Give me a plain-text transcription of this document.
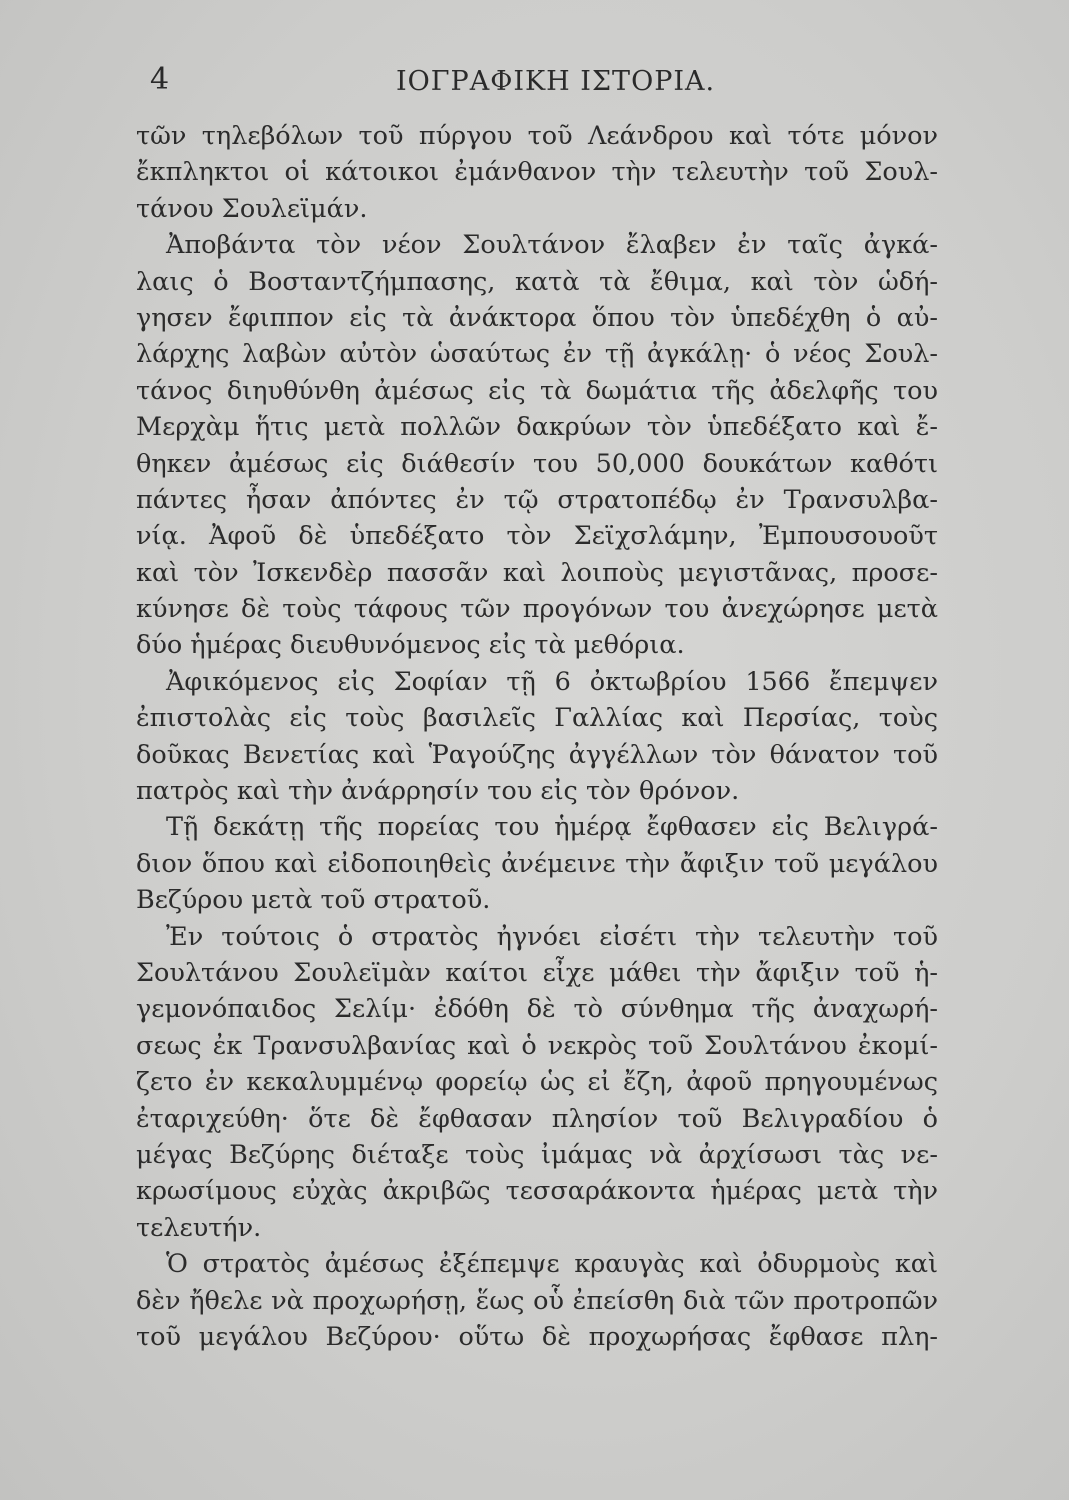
4	ΙΟΓΡΑΦΙΚΗ ΙΣΤΟΡΙΑ.
τῶν τηλεβόλων τοῦ πύργου τοῦ Λεάνδρου καὶ τότε μόνον
ἔκπληκτοι οἱ κάτοικοι ἐμάνθανον τὴν τελευτὴν τοῦ Σουλ-
τάνου Σουλεϊμάν.
Ἀποβάντα τὸν νέον Σουλτάνον ἔλαβεν ἐν ταῖς ἀγκά-
λαις ὁ Βοσταντζήμπασης, κατὰ τὰ ἔθιμα, καὶ τὸν ὡδή-
γησεν ἔφιππον εἰς τὰ ἀνάκτορα ὅπου τὸν ὑπεδέχθη ὁ αὐ-
λάρχης λαβὼν αὐτὸν ὡσαύτως ἐν τῇ ἀγκάλῃ· ὁ νέος Σουλ-
τάνος διηυθύνθη ἀμέσως εἰς τὰ δωμάτια τῆς ἀδελφῆς του
Μερχὰμ ἥτις μετὰ πολλῶν δακρύων τὸν ὑπεδέξατο καὶ ἔ-
θηκεν ἀμέσως εἰς διάθεσίν του 50,000 δουκάτων καθότι
πάντες ἦσαν ἀπόντες ἐν τῷ στρατοπέδῳ ἐν Τρανσυλβα-
νίᾳ. Ἀφοῦ δὲ ὑπεδέξατο τὸν Σεϊχσλάμην, Ἐμπουσουοῦτ
καὶ τὸν Ἰσκενδὲρ πασσᾶν καὶ λοιποὺς μεγιστᾶνας, προσε-
κύνησε δὲ τοὺς τάφους τῶν προγόνων του ἀνεχώρησε μετὰ
δύο ἡμέρας διευθυνόμενος εἰς τὰ μεθόρια.
Ἀφικόμενος εἰς Σοφίαν τῇ 6 ὀκτωβρίου 1566 ἔπεμψεν
ἐπιστολὰς εἰς τοὺς βασιλεῖς Γαλλίας καὶ Περσίας, τοὺς
δοῦκας Βενετίας καὶ Ῥαγούζης ἀγγέλλων τὸν θάνατον τοῦ
πατρὸς καὶ τὴν ἀνάρρησίν του εἰς τὸν θρόνον.
Τῇ δεκάτῃ τῆς πορείας του ἡμέρᾳ ἔφθασεν εἰς Βελιγρά-
διον ὅπου καὶ εἰδοποιηθεὶς ἀνέμεινε τὴν ἄφιξιν τοῦ μεγάλου
Βεζύρου μετὰ τοῦ στρατοῦ.
Ἐν τούτοις ὁ στρατὸς ἠγνόει εἰσέτι τὴν τελευτὴν τοῦ
Σουλτάνου Σουλεϊμὰν καίτοι εἶχε μάθει τὴν ἄφιξιν τοῦ ἡ-
γεμονόπαιδος Σελίμ· ἐδόθη δὲ τὸ σύνθημα τῆς ἀναχωρή-
σεως ἐκ Τρανσυλβανίας καὶ ὁ νεκρὸς τοῦ Σουλτάνου ἐκομί-
ζετο ἐν κεκαλυμμένῳ φορείῳ ὡς εἰ ἔζη, ἀφοῦ πρηγουμένως
ἐταριχεύθη· ὅτε δὲ ἔφθασαν πλησίον τοῦ Βελιγραδίου ὁ
μέγας Βεζύρης διέταξε τοὺς ἰμάμας νὰ ἀρχίσωσι τὰς νε-
κρωσίμους εὐχὰς ἀκριβῶς τεσσαράκοντα ἡμέρας μετὰ τὴν
τελευτήν.
Ὁ στρατὸς ἀμέσως ἐξέπεμψε κραυγὰς καὶ ὀδυρμοὺς καὶ
δὲν ἤθελε νὰ προχωρήσῃ, ἕως οὗ ἐπείσθη διὰ τῶν προτροπῶν
τοῦ μεγάλου Βεζύρου· οὕτω δὲ προχωρήσας ἔφθασε πλη-
